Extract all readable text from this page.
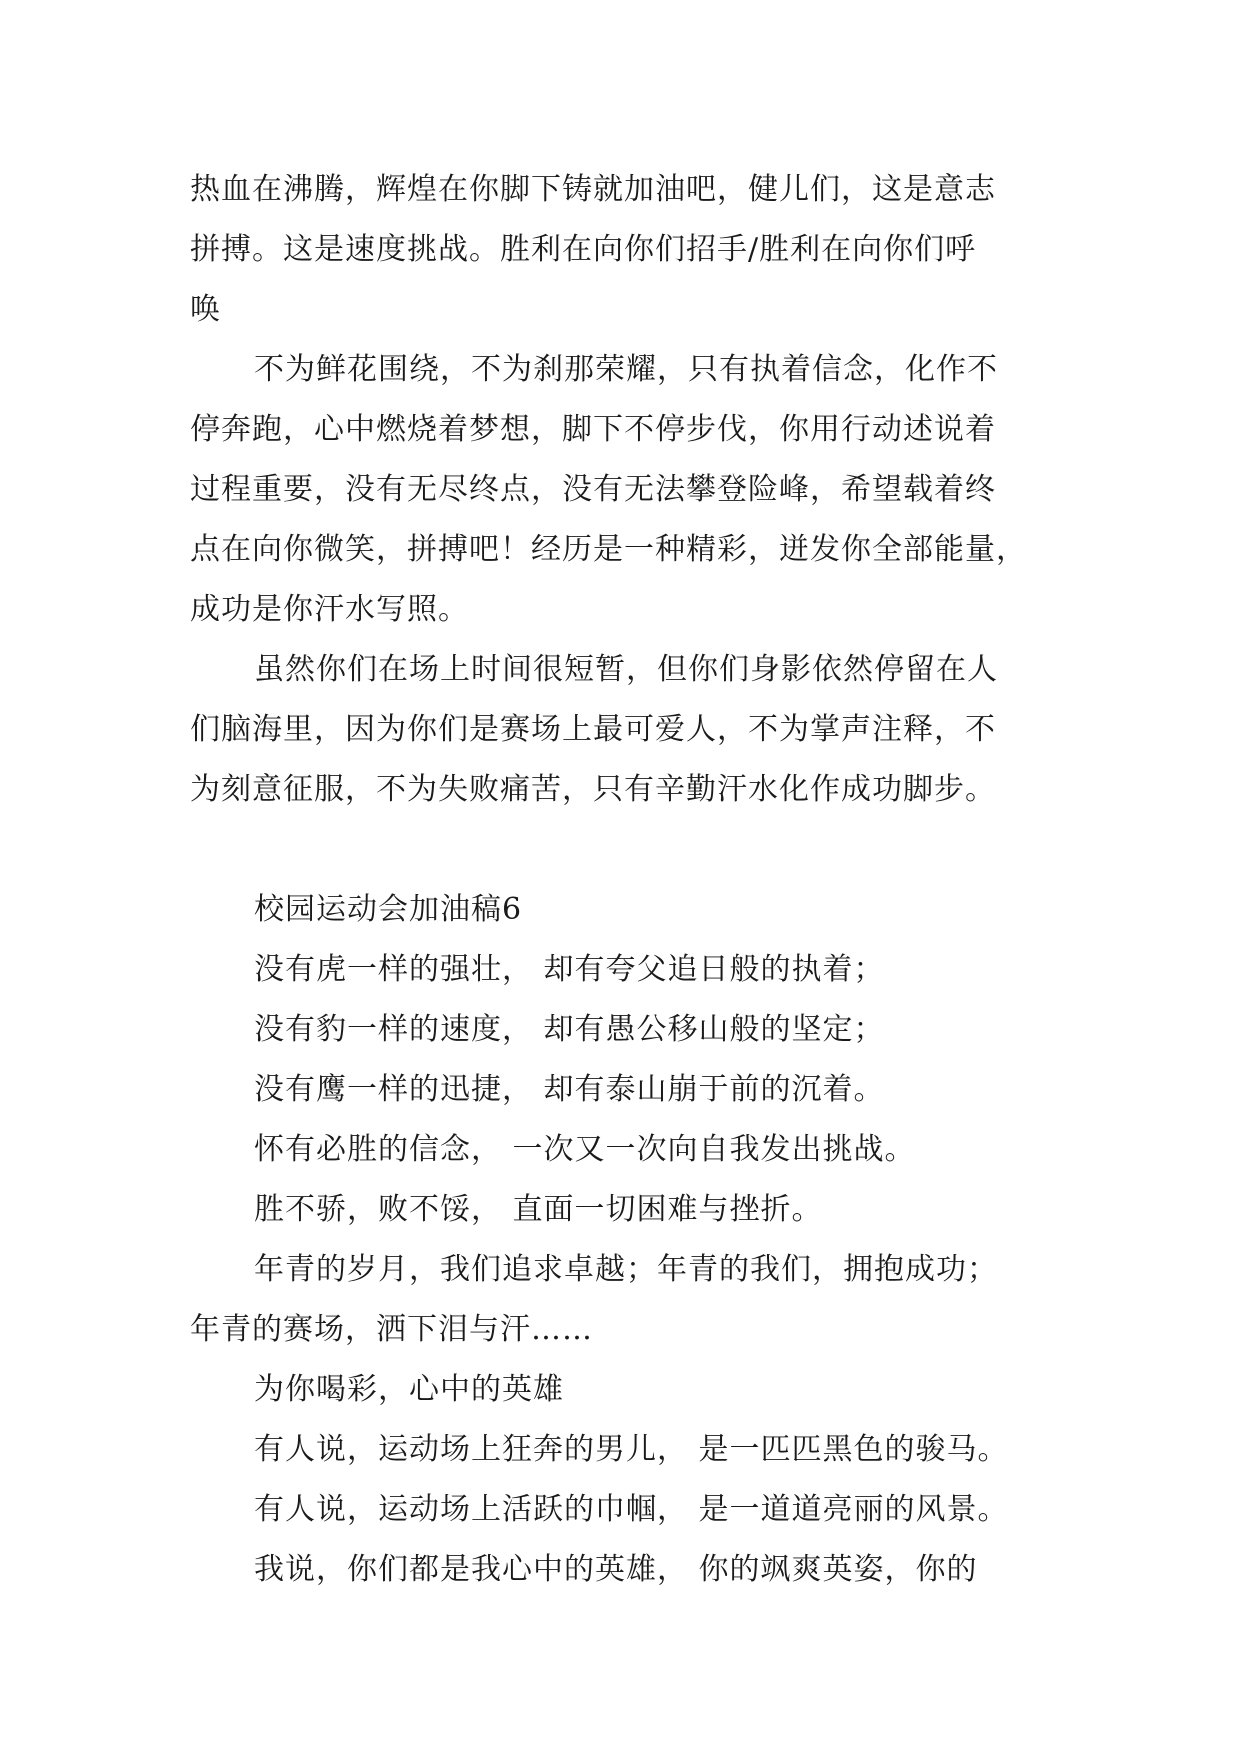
热血在沸腾，辉煌在你脚下铸就加油吧，健儿们，这是意志
拼搏。这是速度挑战。胜利在向你们招手/胜利在向你们呼
唤
不为鲜花围绕，不为刹那荣耀，只有执着信念，化作不
停奔跑，心中燃烧着梦想，脚下不停步伐，你用行动述说着
过程重要，没有无尽终点，没有无法攀登险峰，希望载着终
点在向你微笑，拼搏吧！经历是一种精彩，迸发你全部能量，
成功是你汗水写照。
虽然你们在场上时间很短暂，但你们身影依然停留在人
们脑海里，因为你们是赛场上最可爱人，不为掌声注释，不
为刻意征服，不为失败痛苦，只有辛勤汗水化作成功脚步。
校园运动会加油稿6
没有虎一样的强壮， 却有夸父追日般的执着；
没有豹一样的速度， 却有愚公移山般的坚定；
没有鹰一样的迅捷， 却有泰山崩于前的沉着。
怀有必胜的信念， 一次又一次向自我发出挑战。
胜不骄，败不馁， 直面一切困难与挫折。
年青的岁月，我们追求卓越；年青的我们，拥抱成功；
年青的赛场，洒下泪与汗……
为你喝彩，心中的英雄
有人说，运动场上狂奔的男儿， 是一匹匹黑色的骏马。
有人说，运动场上活跃的巾帼， 是一道道亮丽的风景。
我说，你们都是我心中的英雄， 你的飒爽英姿，你的
